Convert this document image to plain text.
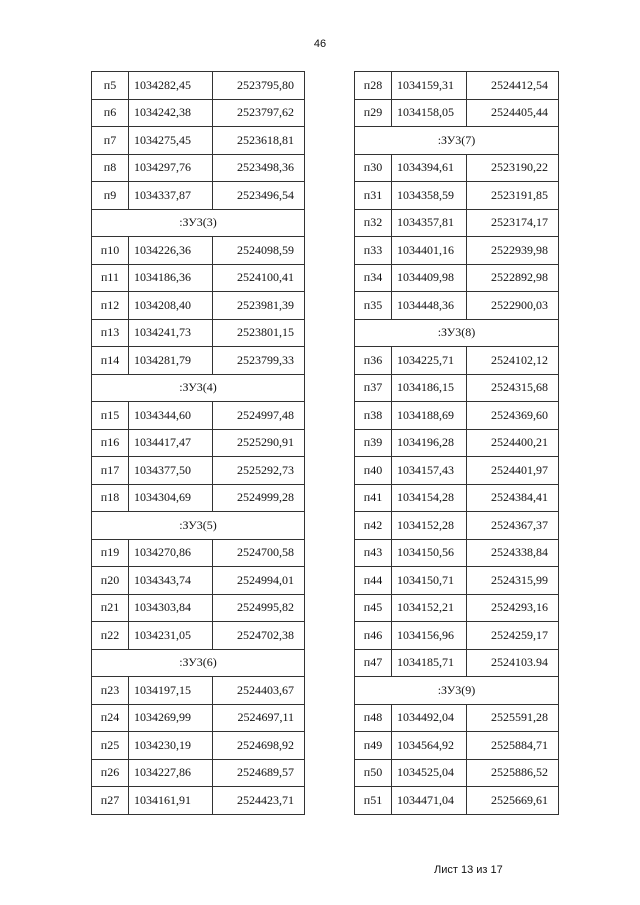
46
п5	1034282,45	2523795,80
п6	1034242,38	2523797,62
п7	1034275,45	2523618,81
п8	1034297,76	2523498,36
п9	1034337,87	2523496,54
:ЗУ3(3)		
п10	1034226,36	2524098,59
п11	1034186,36	2524100,41
п12	1034208,40	2523981,39
п13	1034241,73	2523801,15
п14	1034281,79	2523799,33
:ЗУ3(4)		
п15	1034344,60	2524997,48
п16	1034417,47	2525290,91
п17	1034377,50	2525292,73
п18	1034304,69	2524999,28
:ЗУ3(5)		
п19	1034270,86	2524700,58
п20	1034343,74	2524994,01
п21	1034303,84	2524995,82
п22	1034231,05	2524702,38
:ЗУ3(6)		
п23	1034197,15	2524403,67
п24	1034269,99	2524697,11
п25	1034230,19	2524698,92
п26	1034227,86	2524689,57
п27	1034161,91	2524423,71
п28	1034159,31	2524412,54
п29	1034158,05	2524405,44
:ЗУ3(7)		
п30	1034394,61	2523190,22
п31	1034358,59	2523191,85
п32	1034357,81	2523174,17
п33	1034401,16	2522939,98
п34	1034409,98	2522892,98
п35	1034448,36	2522900,03
:ЗУ3(8)		
п36	1034225,71	2524102,12
п37	1034186,15	2524315,68
п38	1034188,69	2524369,60
п39	1034196,28	2524400,21
п40	1034157,43	2524401,97
п41	1034154,28	2524384,41
п42	1034152,28	2524367,37
п43	1034150,56	2524338,84
п44	1034150,71	2524315,99
п45	1034152,21	2524293,16
п46	1034156,96	2524259,17
п47	1034185,71	2524103.94
:ЗУ3(9)		
п48	1034492,04	2525591,28
п49	1034564,92	2525884,71
п50	1034525,04	2525886,52
п51	1034471,04	2525669,61
Лист 13 из 17
